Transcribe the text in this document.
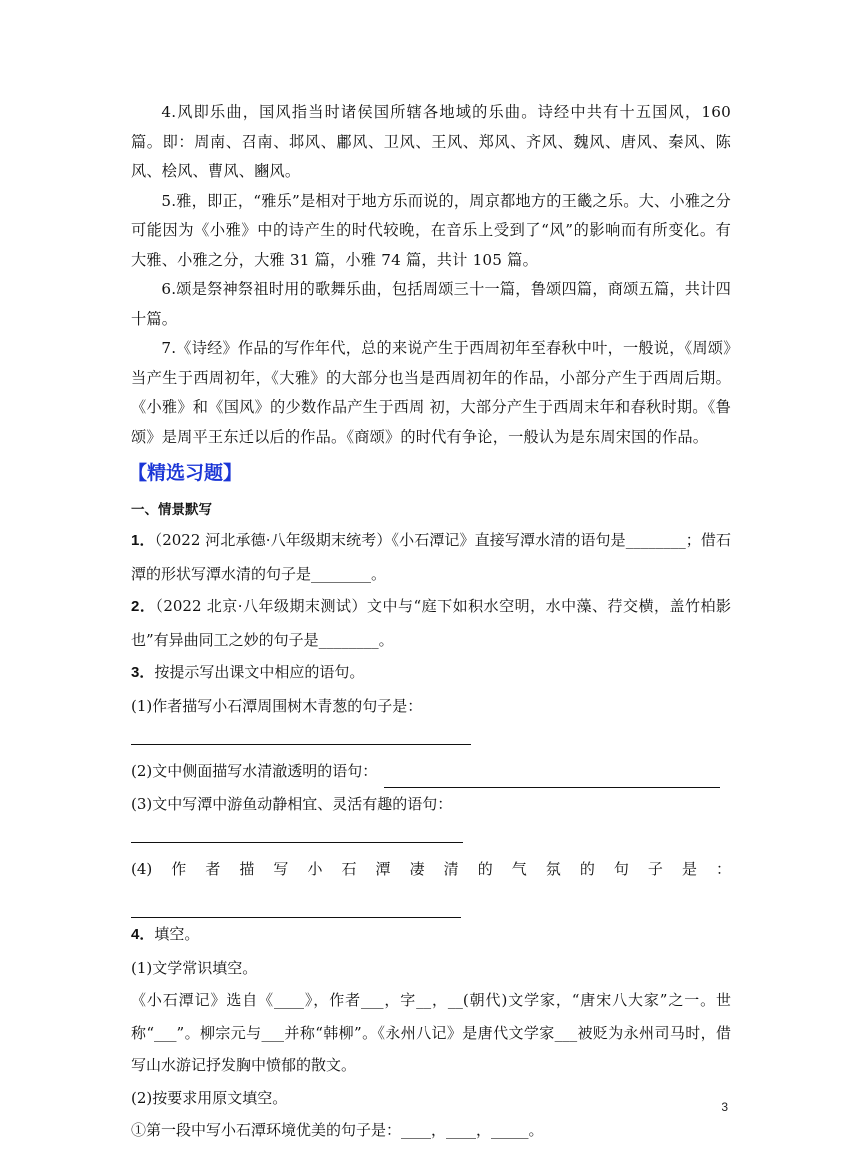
4.风即乐曲，国风指当时诸侯国所辖各地域的乐曲。诗经中共有十五国风，160 篇。即：周南、召南、邶风、鄘风、卫风、王风、郑风、齐风、魏风、唐风、秦风、陈风、桧风、曹风、豳风。

5.雅，即正，“雅乐”是相对于地方乐而说的，周京都地方的王畿之乐。大、小雅之分可能因为《小雅》中的诗产生的时代较晚，在音乐上受到了“风”的影响而有所变化。有大雅、小雅之分，大雅 31 篇，小雅 74 篇，共计 105 篇。

6.颂是祭神祭祖时用的歌舞乐曲，包括周颂三十一篇，鲁颂四篇，商颂五篇，共计四十篇。

7.《诗经》作品的写作年代，总的来说产生于西周初年至春秋中叶，一般说，《周颂》当产生于西周初年，《大雅》的大部分也当是西周初年的作品，小部分产生于西周后期。《小雅》和《国风》的少数作品产生于西周 初，大部分产生于西周末年和春秋时期。《鲁颂》是周平王东迁以后的作品。《商颂》的时代有争论，一般认为是东周宋国的作品。

【精选习题】
一、情景默写

1．（2022 河北承德·八年级期末统考）《小石潭记》直接写潭水清的语句是________；借石潭的形状写潭水清的句子是________。

2．（2022 北京·八年级期末测试）文中与“庭下如积水空明，水中藻、荇交横，盖竹柏影也”有异曲同工之妙的句子是________。

3．按提示写出课文中相应的语句。

(1)作者描写小石潭周围树木青葱的句子是：

(2)文中侧面描写水清澈透明的语句：

(3)文中写潭中游鱼动静相宜、灵活有趣的语句：

(4)作者描写小石潭凄清的气氛的句子是：

4．填空。

(1)文学常识填空。

《小石潭记》选自《____》，作者___，字__，__(朝代)文学家，“唐宋八大家”之一。世称“___”。柳宗元与___并称“韩柳”。《永州八记》是唐代文学家___被贬为永州司马时，借写山水游记抒发胸中愤郁的散文。

(2)按要求用原文填空。

①第一段中写小石潭环境优美的句子是：____，____，_____。

3
